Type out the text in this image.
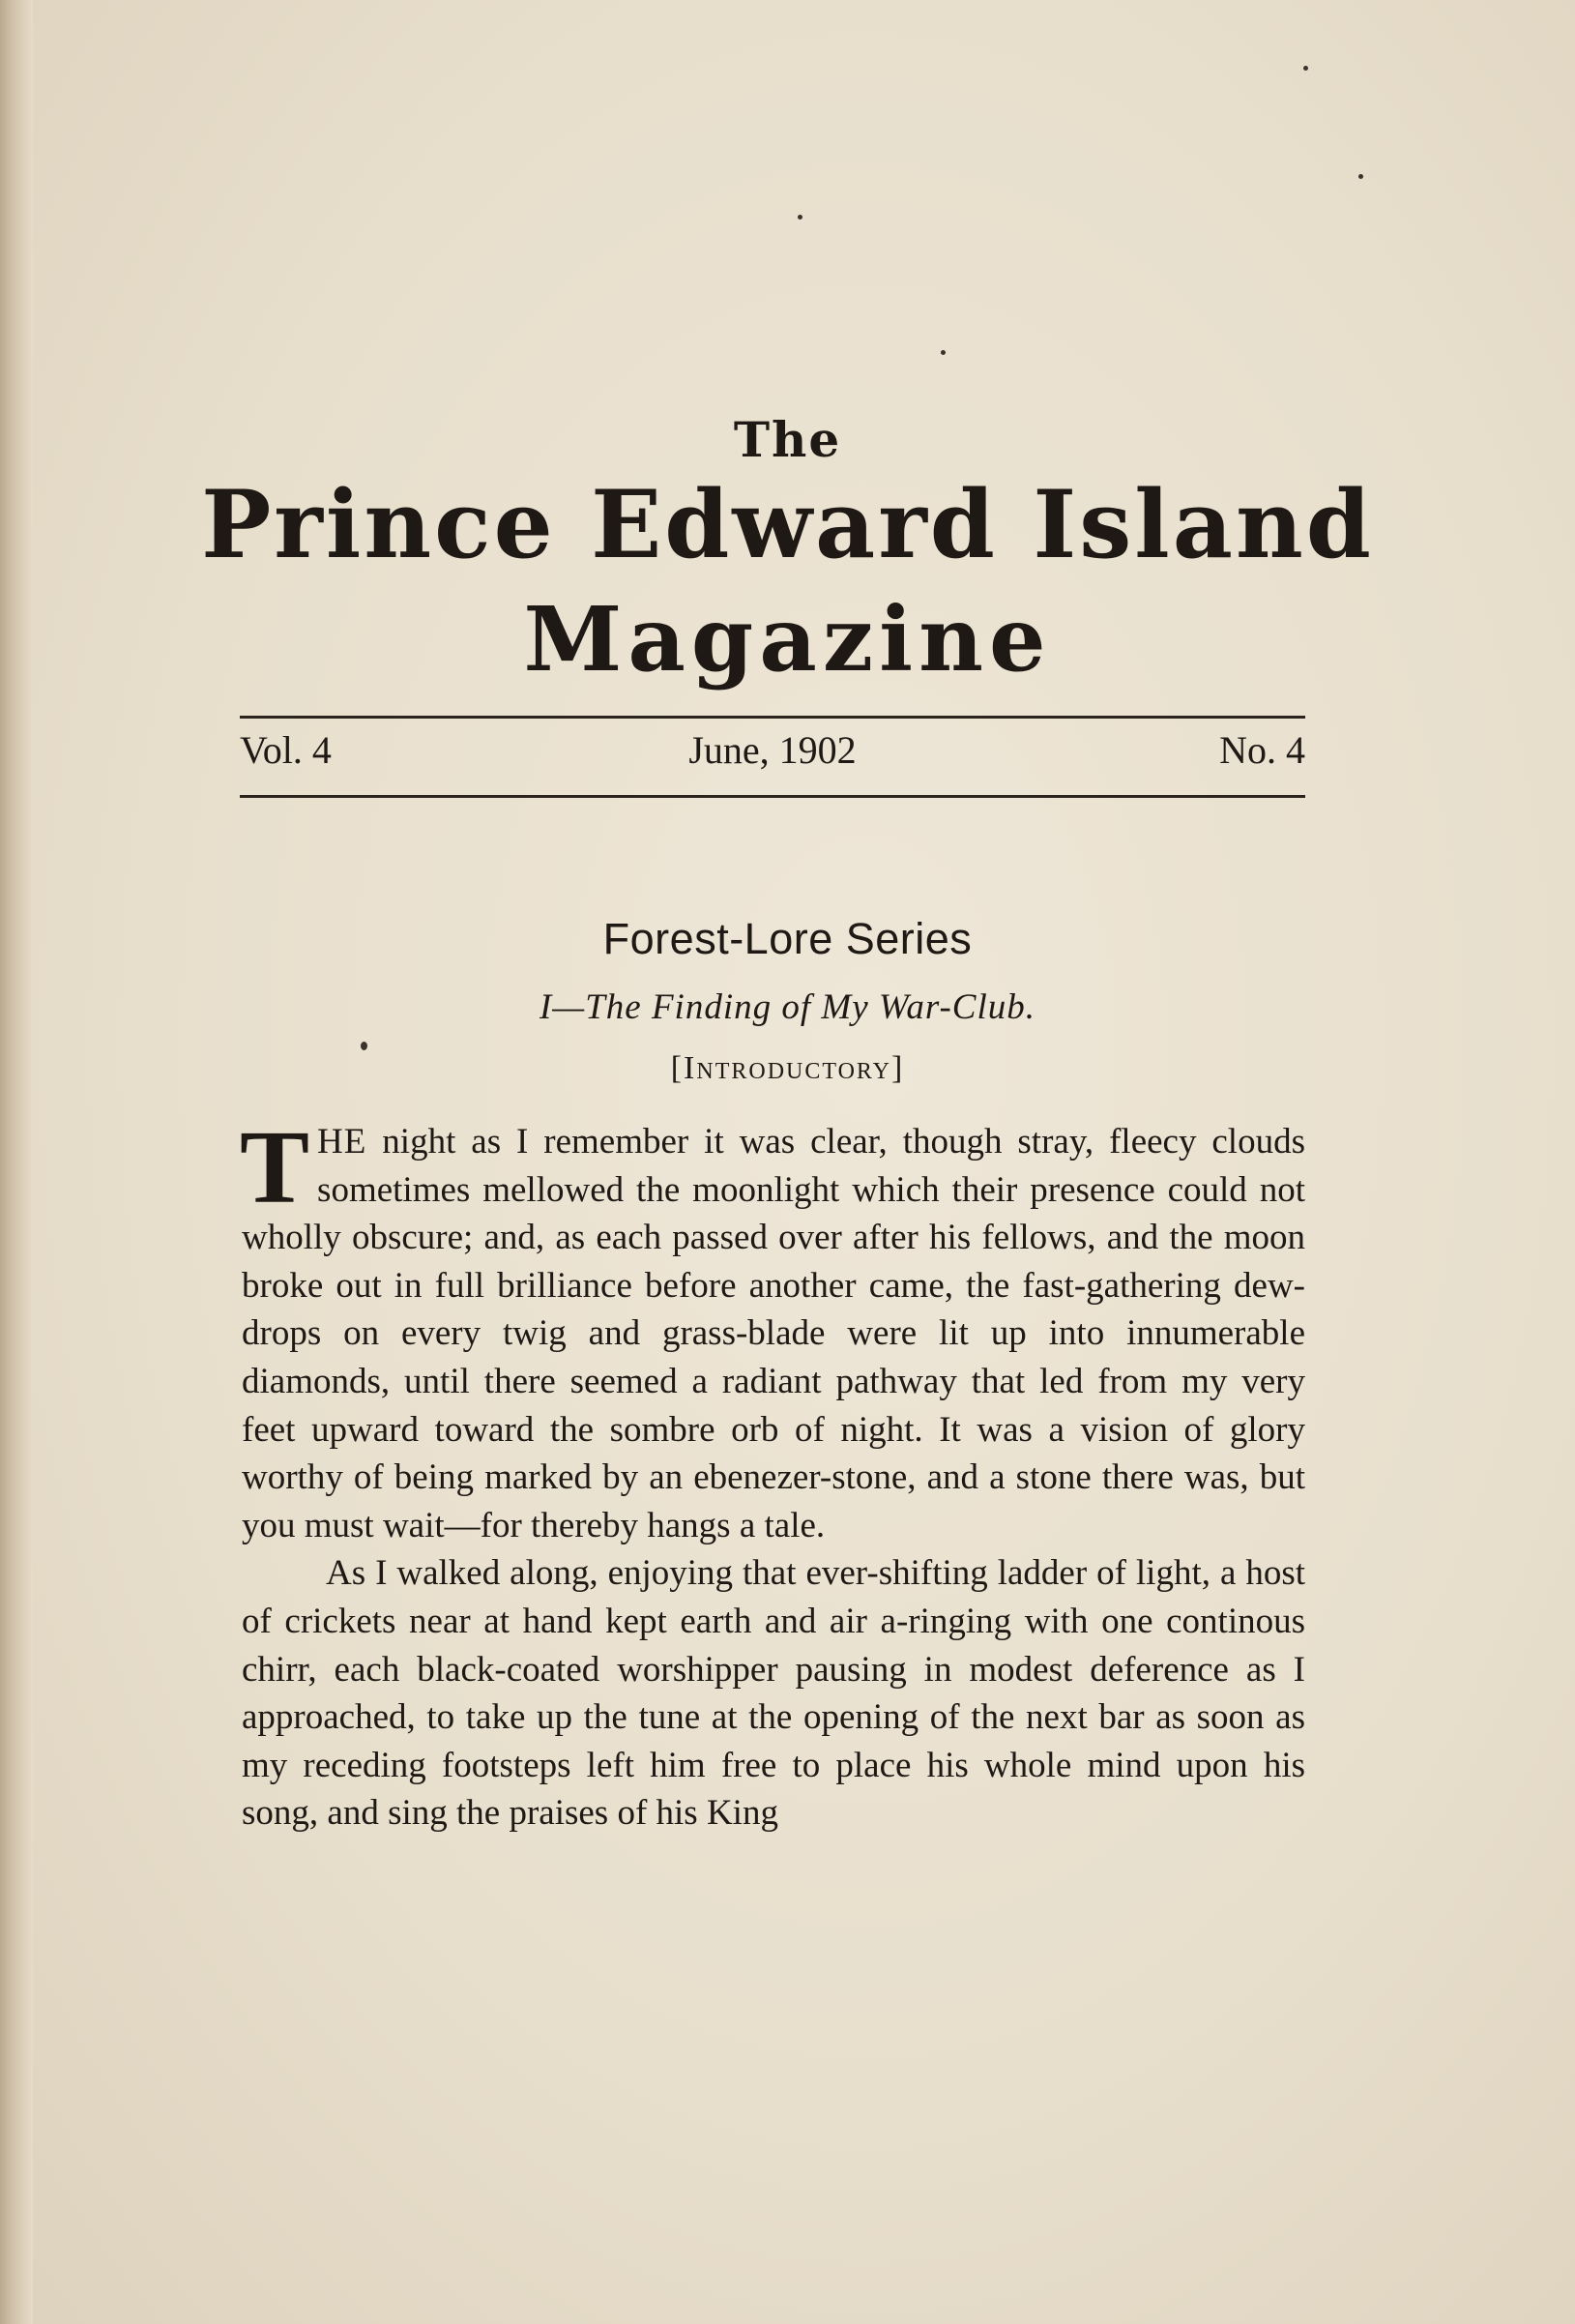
The
Prince Edward Island
Magazine
June, 1902
Vol. 4	No. 4
Forest-Lore Series
I—The Finding of My War-Club.
[Introductory]

THE night as I remember it was clear, though stray, fleecy clouds sometimes mellowed the moonlight which their presence could not wholly obscure; and, as each passed over after his fellows, and the moon broke out in full brilliance before another came, the fast-gathering dew-drops on every twig and grass-blade were lit up into innumerable diamonds, until there seemed a radiant pathway that led from my very feet upward toward the sombre orb of night. It was a vision of glory worthy of being marked by an ebenezer-stone, and a stone there was, but you must wait—for thereby hangs a tale.

As I walked along, enjoying that ever-shifting ladder of light, a host of crickets near at hand kept earth and air a-ringing with one continous chirr, each black-coated worshipper pausing in modest deference as I approached, to take up the tune at the opening of the next bar as soon as my receding footsteps left him free to place his whole mind upon his song, and sing the praises of his King
